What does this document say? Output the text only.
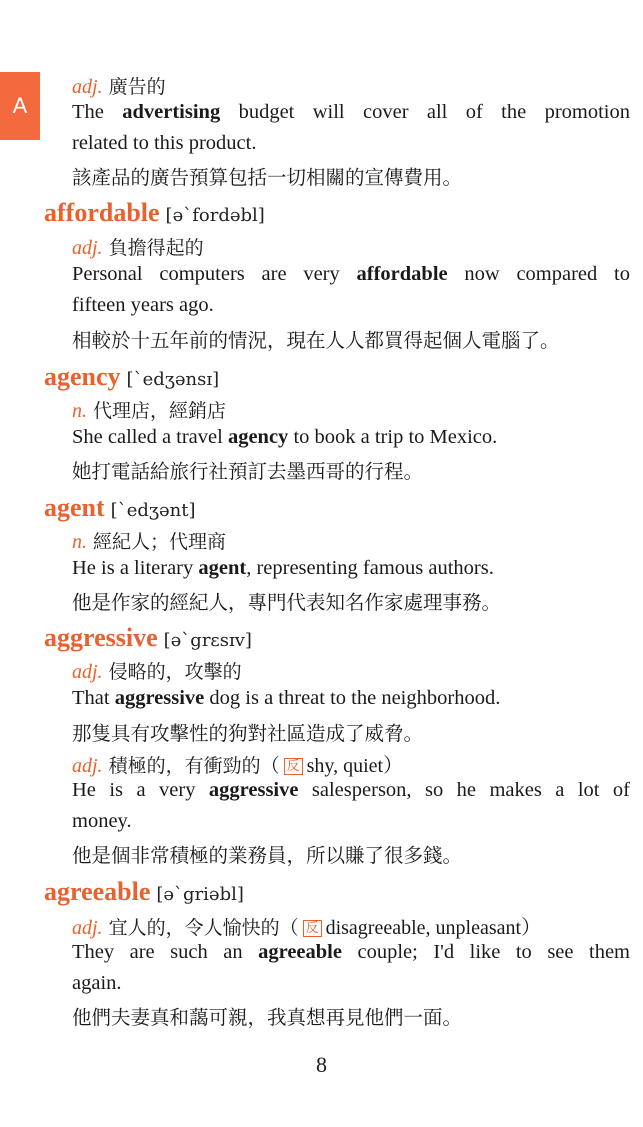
A
adj. 廣告的
The advertising budget will cover all of the promotion
related to this product.
該產品的廣告預算包括一切相關的宣傳費用。
affordable [ə`fordəbl]
adj. 負擔得起的
Personal computers are very affordable now compared to
fifteen years ago.
相較於十五年前的情況，現在人人都買得起個人電腦了。
agency [`edʒənsɪ]
n. 代理店，經銷店
She called a travel agency to book a trip to Mexico.
她打電話給旅行社預訂去墨西哥的行程。
agent [`edʒənt]
n. 經紀人；代理商
He is a literary agent, representing famous authors.
他是作家的經紀人，專門代表知名作家處理事務。
aggressive [ə`grɛsɪv]
adj. 侵略的，攻擊的
That aggressive dog is a threat to the neighborhood.
那隻具有攻擊性的狗對社區造成了威脅。
adj. 積極的，有衝勁的（ 反 shy, quiet）
He is a very aggressive salesperson, so he makes a lot of
money.
他是個非常積極的業務員，所以賺了很多錢。
agreeable [ə`griəbl]
adj. 宜人的，令人愉快的（ 反 disagreeable, unpleasant）
They are such an agreeable couple; I'd like to see them
again.
他們夫妻真和藹可親，我真想再見他們一面。
8
